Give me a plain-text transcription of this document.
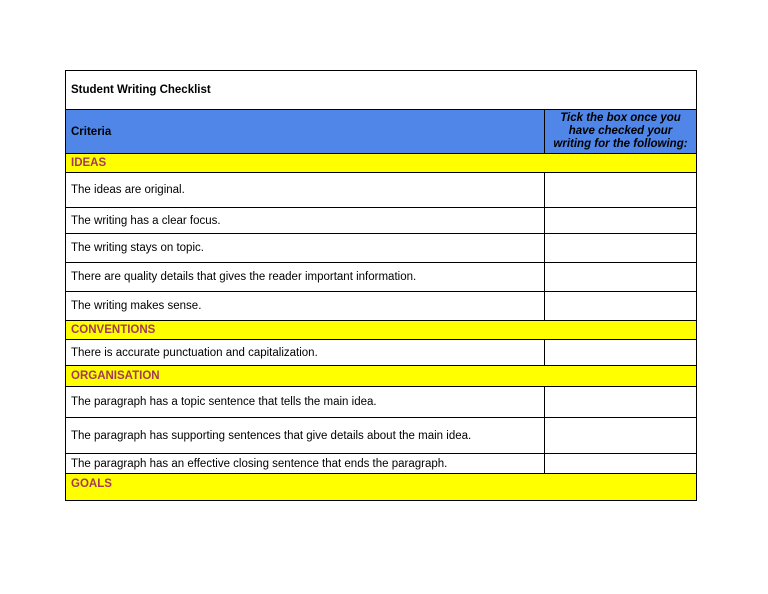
Student Writing Checklist	
Criteria	Tick the box once you have checked your writing for the following:
IDEAS	
The ideas are original.	
The writing has a clear focus.	
The writing stays on topic.	
There are quality details that gives the reader important information.	
The writing makes sense.	
CONVENTIONS	
There is accurate punctuation and capitalization.	
ORGANISATION	
The paragraph has a topic sentence that tells the main idea.	
The paragraph has supporting sentences that give details about the main idea.	
The paragraph has an effective closing sentence that ends the paragraph.	
GOALS	
